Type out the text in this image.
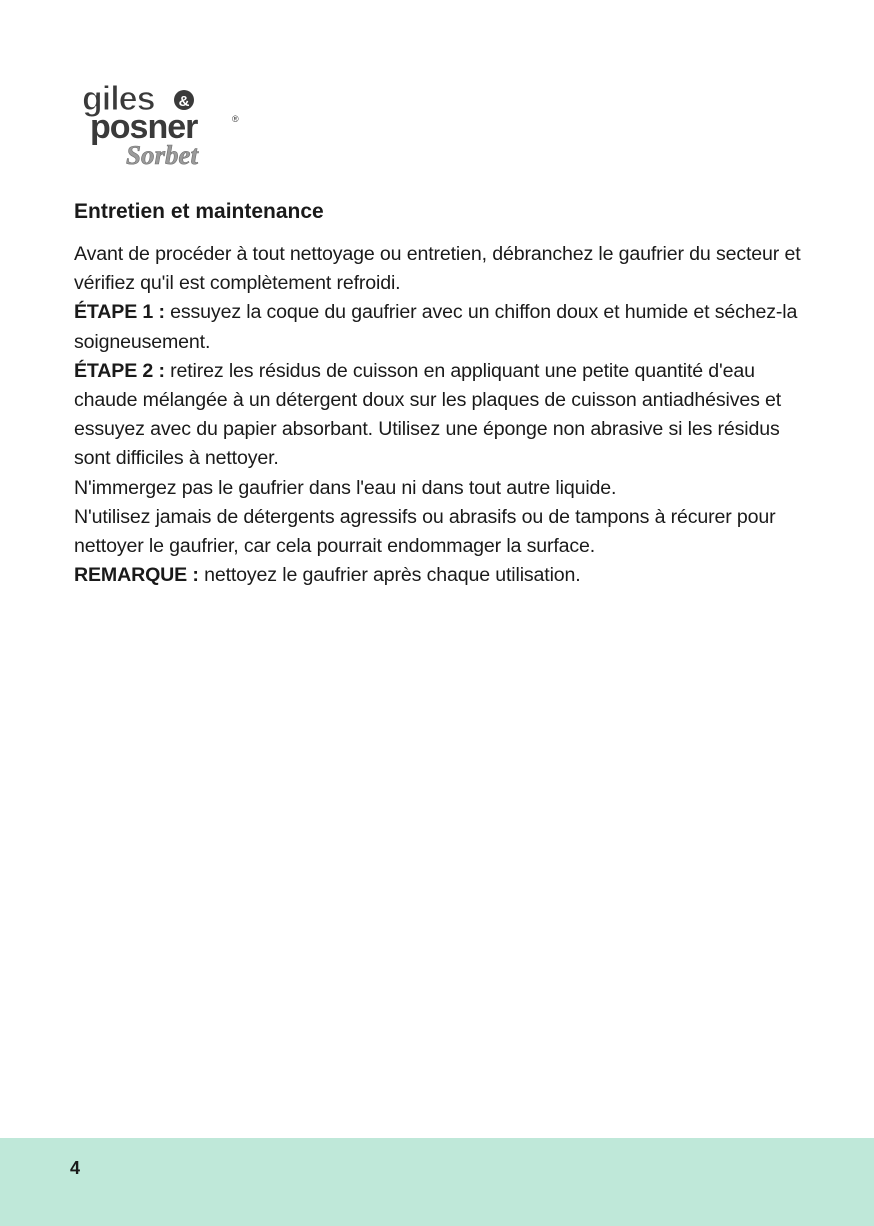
giles &
posner	®
Sorbet
Entretien et maintenance

Avant de procéder à tout nettoyage ou entretien, débranchez le gaufrier du secteur et vérifiez qu'il est complètement refroidi.

ÉTAPE 1 : essuyez la coque du gaufrier avec un chiffon doux et humide et séchez-la soigneusement.

ÉTAPE 2 : retirez les résidus de cuisson en appliquant une petite quantité d'eau chaude mélangée à un détergent doux sur les plaques de cuisson antiadhésives et essuyez avec du papier absorbant. Utilisez une éponge non abrasive si les résidus sont difficiles à nettoyer.

N'immergez pas le gaufrier dans l'eau ni dans tout autre liquide.

N'utilisez jamais de détergents agressifs ou abrasifs ou de tampons à récurer pour nettoyer le gaufrier, car cela pourrait endommager la surface.

REMARQUE : nettoyez le gaufrier après chaque utilisation.

4
